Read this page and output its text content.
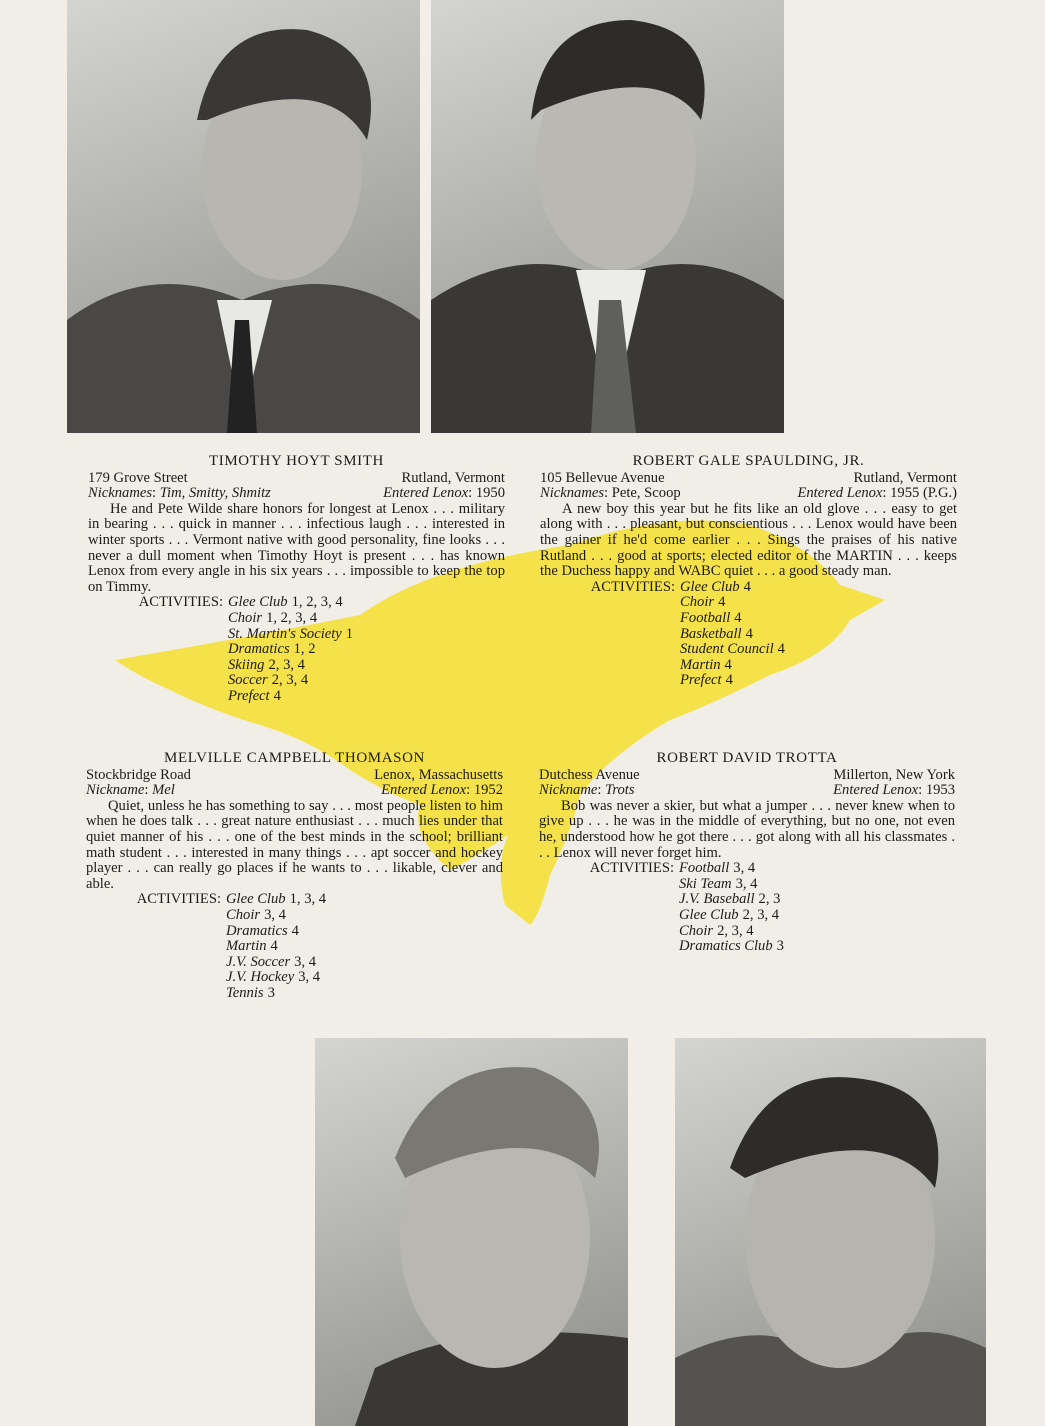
TIMOTHY HOYT SMITH
179 Grove Street	Rutland, Vermont
Nicknames: Tim, Smitty, Shmitz	Entered Lenox: 1950
He and Pete Wilde share honors for longest at Lenox . . . military in bearing . . . quick in manner . . . infectious laugh . . . interested in winter sports . . . Vermont native with good personality, fine looks . . . never a dull moment when Timothy Hoyt is present . . . has known Lenox from every angle in his six years . . . impossible to keep the top on Timmy.
ACTIVITIES: Glee Club 1, 2, 3, 4
Choir 1, 2, 3, 4
St. Martin's Society 1
Dramatics 1, 2
Skiing 2, 3, 4
Soccer 2, 3, 4
Prefect 4
ROBERT GALE SPAULDING, JR.
105 Bellevue Avenue	Rutland, Vermont
Nicknames: Pete, Scoop	Entered Lenox: 1955 (P.G.)
A new boy this year but he fits like an old glove . . . easy to get along with . . . pleasant, but conscientious . . . Lenox would have been the gainer if he'd come earlier . . . Sings the praises of his native Rutland . . . good at sports; elected editor of the MARTIN . . . keeps the Duchess happy and WABC quiet . . . a good steady man.
ACTIVITIES: Glee Club 4
Choir 4
Football 4
Basketball 4
Student Council 4
Martin 4
Prefect 4
MELVILLE CAMPBELL THOMASON
Stockbridge Road	Lenox, Massachusetts
Nickname: Mel	Entered Lenox: 1952
Quiet, unless he has something to say . . . most people listen to him when he does talk . . . great nature enthusiast . . . much lies under that quiet manner of his . . . one of the best minds in the school; brilliant math student . . . interested in many things . . . apt soccer and hockey player . . . can really go places if he wants to . . . likable, clever and able.
ACTIVITIES: Glee Club 1, 3, 4
Choir 3, 4
Dramatics 4
Martin 4
J.V. Soccer 3, 4
J.V. Hockey 3, 4
Tennis 3
ROBERT DAVID TROTTA
Dutchess Avenue	Millerton, New York
Nickname: Trots	Entered Lenox: 1953
Bob was never a skier, but what a jumper . . . never knew when to give up . . . he was in the middle of everything, but no one, not even he, understood how he got there . . . got along with all his classmates . . . Lenox will never forget him.
ACTIVITIES: Football 3, 4
Ski Team 3, 4
J.V. Baseball 2, 3
Glee Club 2, 3, 4
Choir 2, 3, 4
Dramatics Club 3
